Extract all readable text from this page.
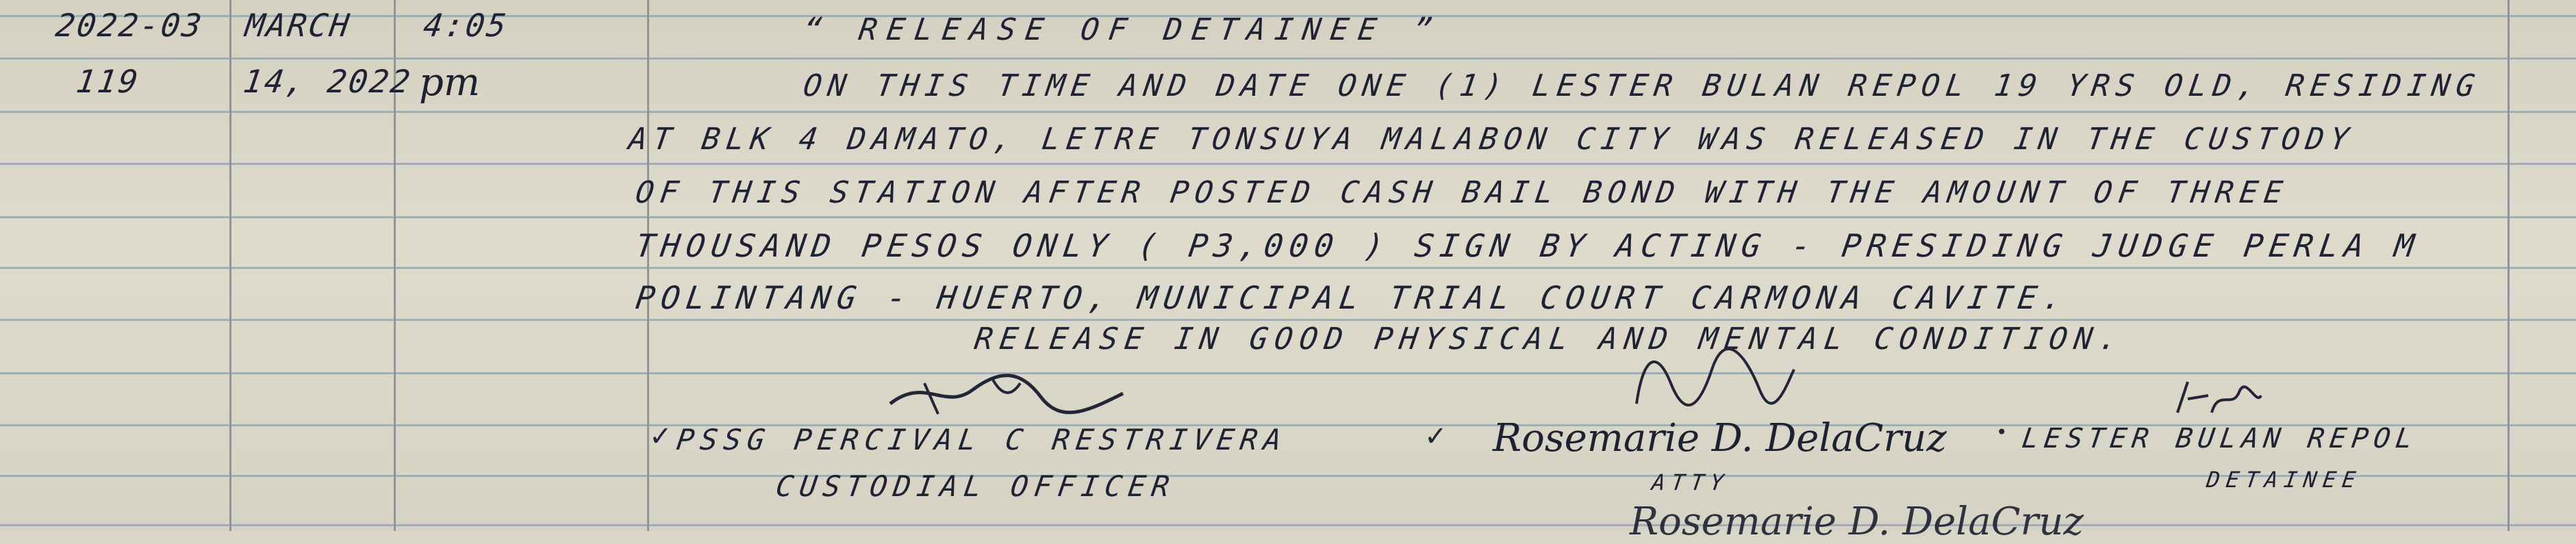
2022-03
119
MARCH
14, 2022
4:05
pm
“ RELEASE OF DETAINEE ”
ON THIS TIME AND DATE ONE (1) LESTER BULAN REPOL 19 YRS OLD, RESIDING
AT BLK 4 DAMATO, LETRE TONSUYA MALABON CITY WAS RELEASED IN THE CUSTODY
OF THIS STATION AFTER POSTED CASH BAIL BOND WITH THE AMOUNT OF THREE
THOUSAND PESOS ONLY ( P3,000 ) SIGN BY ACTING - PRESIDING JUDGE PERLA M
POLINTANG - HUERTO, MUNICIPAL TRIAL COURT CARMONA CAVITE.
RELEASE IN GOOD PHYSICAL AND MENTAL CONDITION.
✓ PSSG PERCIVAL C RESTRIVERA
CUSTODIAL OFFICER
✓ Rosemarie D. DelaCruz
ATTY
• LESTER BULAN REPOL
DETAINEE
Rosemarie D. DelaCruz
